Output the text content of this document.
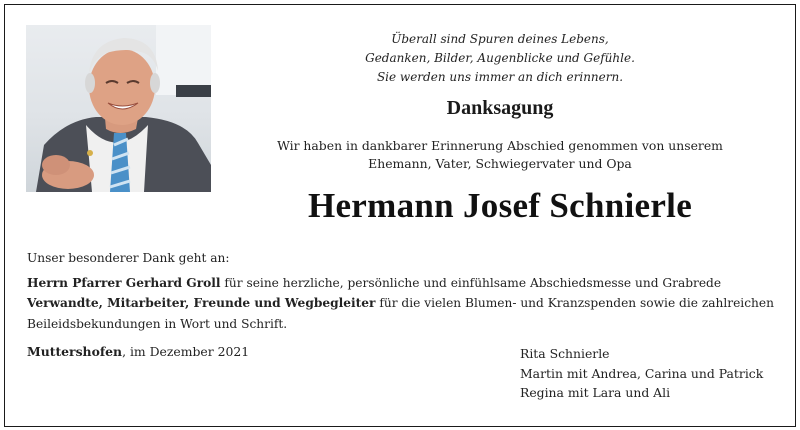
Überall sind Spuren deines Lebens,
Gedanken, Bilder, Augenblicke und Gefühle.
Sie werden uns immer an dich erinnern.
Danksagung
Wir haben in dankbarer Erinnerung Abschied genommen von unserem
Ehemann, Vater, Schwiegervater und Opa
Hermann Josef Schnierle
Unser besonderer Dank geht an:
Herrn Pfarrer Gerhard Groll für seine herzliche, persönliche und einfühlsame Abschiedsmesse und Grabrede
Verwandte, Mitarbeiter, Freunde und Wegbegleiter für die vielen Blumen- und Kranzspenden sowie die zahlreichen
Beileidsbekundungen in Wort und Schrift.
Muttershofen, im Dezember 2021	Rita Schnierle
Martin mit Andrea, Carina und Patrick
Regina mit Lara und Ali
